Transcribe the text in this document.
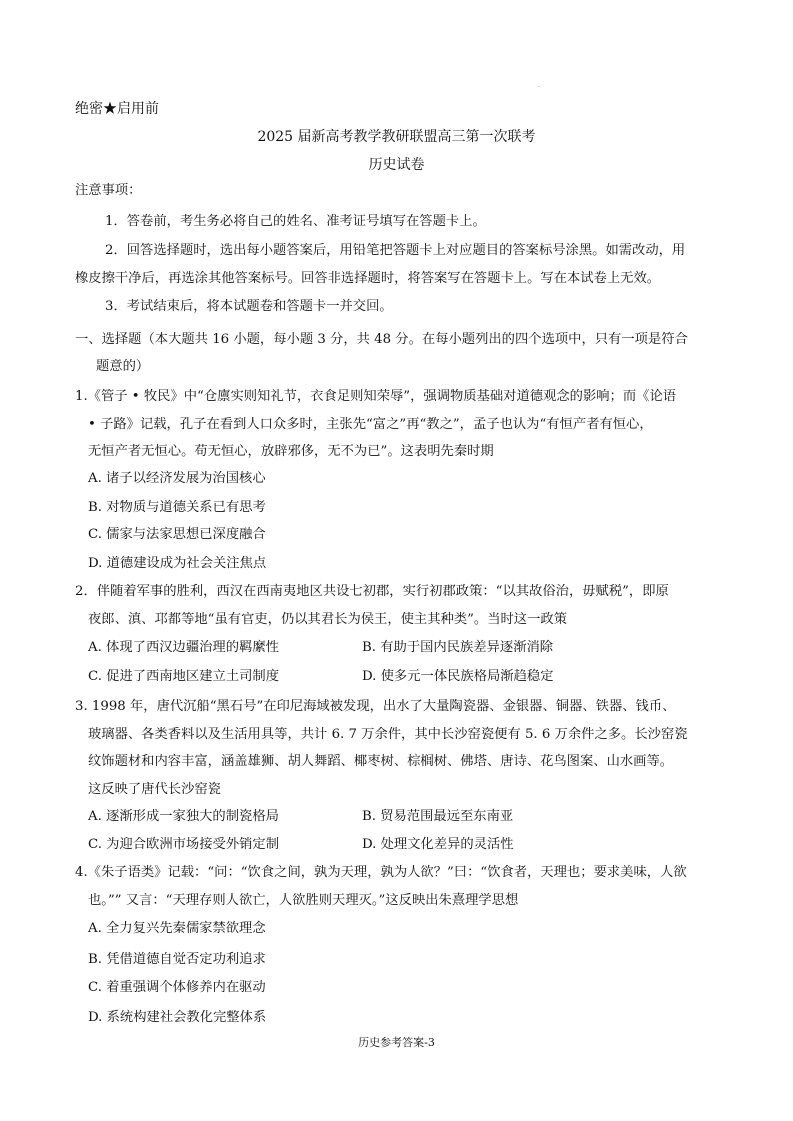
.
绝密★启用前
2025 届新高考教学教研联盟高三第一次联考
历史试卷
注意事项：
1．答卷前，考生务必将自己的姓名、准考证号填写在答题卡上。
2．回答选择题时，选出每小题答案后，用铅笔把答题卡上对应题目的答案标号涂黑。如需改动，用
橡皮擦干净后，再选涂其他答案标号。回答非选择题时，将答案写在答题卡上。写在本试卷上无效。
3．考试结束后，将本试题卷和答题卡一并交回。
一、选择题（本大题共 16 小题，每小题 3 分，共 48 分。在每小题列出的四个选项中，只有一项是符合
题意的）
1.《管子 • 牧民》中“仓廪实则知礼节，衣食足则知荣辱”，强调物质基础对道德观念的影响；而《论语
• 子路》记载，孔子在看到人口众多时，主张先“富之”再“教之”，孟子也认为“有恒产者有恒心，
无恒产者无恒心。苟无恒心，放辟邪侈，无不为已”。这表明先秦时期
A. 诸子以经济发展为治国核心
B. 对物质与道德关系已有思考
C. 儒家与法家思想已深度融合
D. 道德建设成为社会关注焦点
2．伴随着军事的胜利，西汉在西南夷地区共设七初郡，实行初郡政策：“以其故俗治，毋赋税”，即原
夜郎、滇、邛都等地“虽有官吏，仍以其君长为侯王，使主其种类”。当时这一政策
A. 体现了西汉边疆治理的羁縻性	B. 有助于国内民族差异逐渐消除
C. 促进了西南地区建立土司制度	D. 使多元一体民族格局渐趋稳定
3. 1998 年，唐代沉船“黑石号”在印尼海域被发现，出水了大量陶瓷器、金银器、铜器、铁器、钱币、
玻璃器、各类香料以及生活用具等，共计 6. 7 万余件，其中长沙窑瓷便有 5. 6 万余件之多。长沙窑瓷
纹饰题材和内容丰富，涵盖雄狮、胡人舞蹈、椰枣树、棕榈树、佛塔、唐诗、花鸟图案、山水画等。
这反映了唐代长沙窑瓷
A. 逐渐形成一家独大的制瓷格局	B. 贸易范围最远至东南亚
C. 为迎合欧洲市场接受外销定制	D. 处理文化差异的灵活性
4.《朱子语类》记载：“问：“饮食之间，孰为天理，孰为人欲？”曰：“饮食者，天理也；要求美味，人欲
也。”” 又言：“天理存则人欲亡，人欲胜则天理灭。”这反映出朱熹理学思想
A. 全力复兴先秦儒家禁欲理念
B. 凭借道德自觉否定功利追求
C. 着重强调个体修养内在驱动
D. 系统构建社会教化完整体系
历史参考答案-3
